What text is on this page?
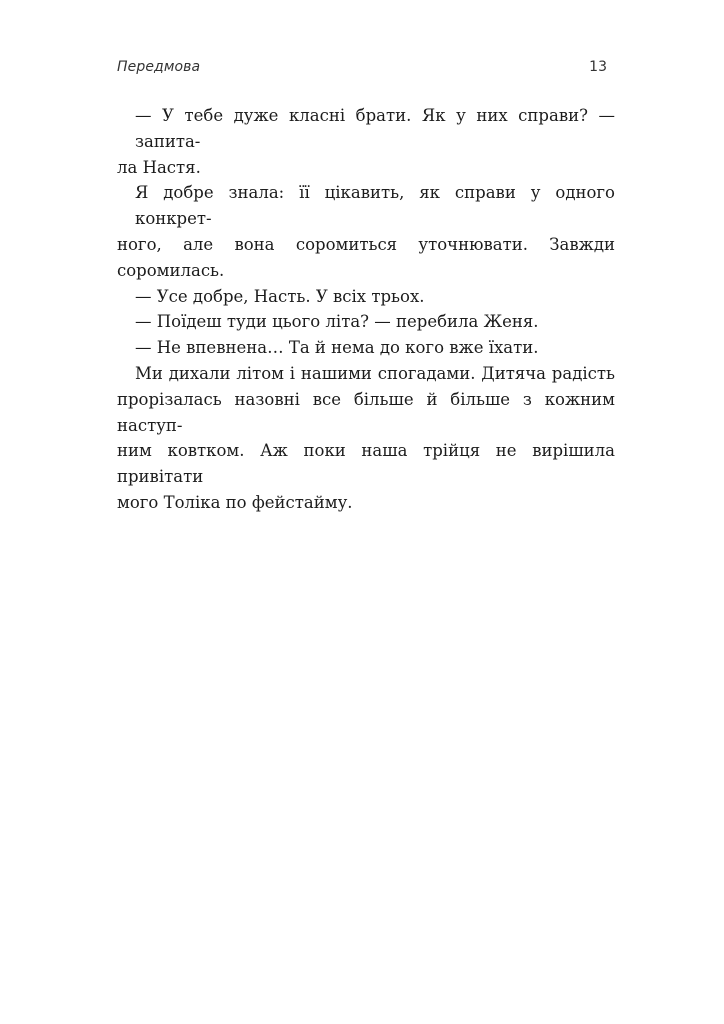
Передмова	13
— У тебе дуже класні брати. Як у них справи? — запита-
ла Настя.
Я добре знала: її цікавить, як справи у одного конкрет-
ного, але вона соромиться уточнювати. Завжди соромилась.
— Усе добре, Насть. У всіх трьох.
— Поїдеш туди цього літа? — перебила Женя.
— Не впевнена… Та й нема до кого вже їхати.
Ми дихали літом і нашими спогадами. Дитяча радість
прорізалась назовні все більше й більше з кожним наступ-
ним ковтком. Аж поки наша трійця не вирішила привітати
мого Толіка по фейстайму.
